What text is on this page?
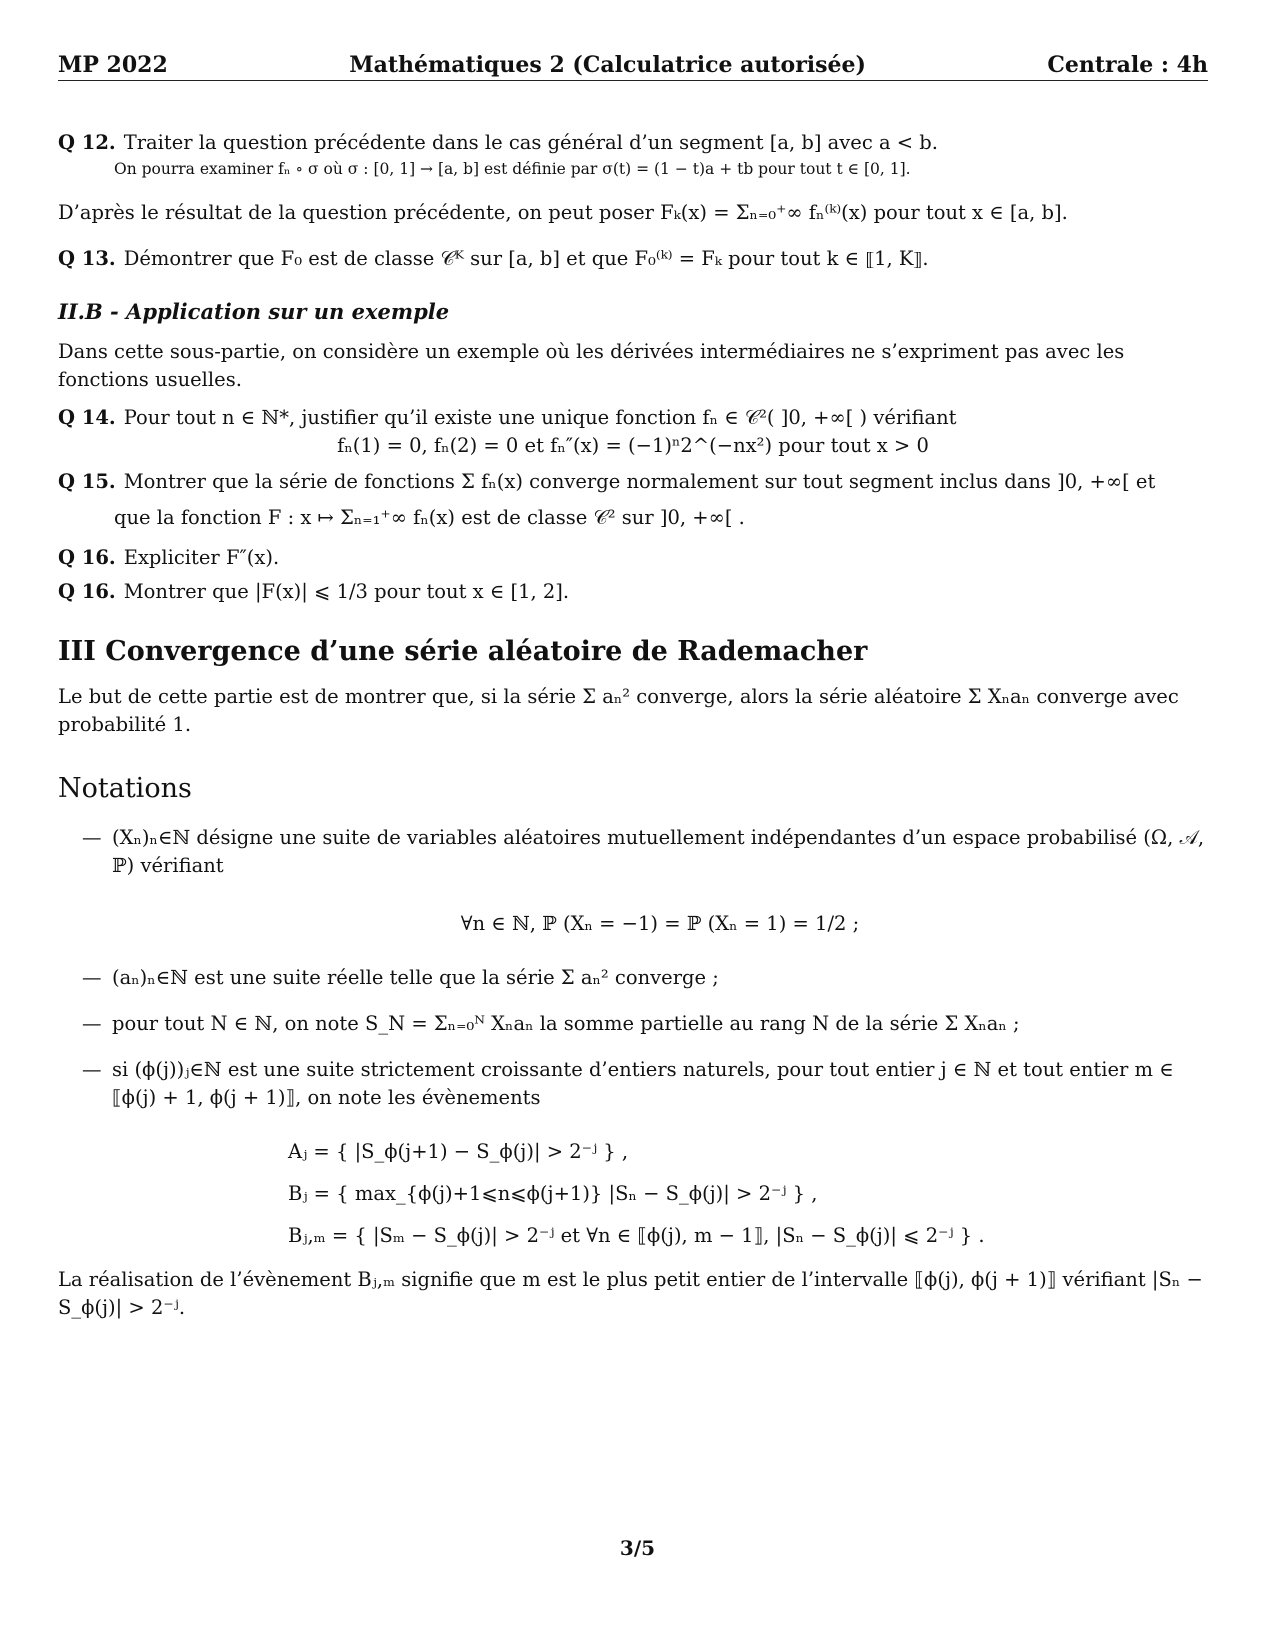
MP 2022	Mathématiques 2 (Calculatrice autorisée)	Centrale : 4h
Q 12. Traiter la question précédente dans le cas général d’un segment [a, b] avec a < b.
On pourra examiner fₙ ∘ σ où σ : [0, 1] → [a, b] est définie par σ(t) = (1 − t)a + tb pour tout t ∈ [0, 1].
D’après le résultat de la question précédente, on peut poser Fₖ(x) = Σₙ₌₀⁺∞ fₙ⁽ᵏ⁾(x) pour tout x ∈ [a, b].
Q 13. Démontrer que F₀ est de classe 𝒞ᴷ sur [a, b] et que F₀⁽ᵏ⁾ = Fₖ pour tout k ∈ ⟦1, K⟧.
II.B - Application sur un exemple
Dans cette sous-partie, on considère un exemple où les dérivées intermédiaires ne s’expriment pas avec les fonctions usuelles.
Q 14. Pour tout n ∈ ℕ*, justifier qu’il existe une unique fonction fₙ ∈ 𝒞²( ]0, +∞[ ) vérifiant
fₙ(1) = 0, fₙ(2) = 0 et fₙ″(x) = (−1)ⁿ2^(−nx²) pour tout x > 0
Q 15. Montrer que la série de fonctions Σ fₙ(x) converge normalement sur tout segment inclus dans ]0, +∞[ et
que la fonction F : x ↦ Σₙ₌₁⁺∞ fₙ(x) est de classe 𝒞² sur ]0, +∞[ .
Q 16. Expliciter F″(x).
Q 16. Montrer que |F(x)| ⩽ 1/3 pour tout x ∈ [1, 2].
III Convergence d’une série aléatoire de Rademacher
Le but de cette partie est de montrer que, si la série Σ aₙ² converge, alors la série aléatoire Σ Xₙaₙ converge avec probabilité 1.
Notations
— (Xₙ)ₙ∈ℕ désigne une suite de variables aléatoires mutuellement indépendantes d’un espace probabilisé (Ω, 𝒜, ℙ) vérifiant
∀n ∈ ℕ, ℙ (Xₙ = −1) = ℙ (Xₙ = 1) = 1/2 ;
— (aₙ)ₙ∈ℕ est une suite réelle telle que la série Σ aₙ² converge ;
— pour tout N ∈ ℕ, on note S_N = Σₙ₌₀ᴺ Xₙaₙ la somme partielle au rang N de la série Σ Xₙaₙ ;
— si (ϕ(j))ⱼ∈ℕ est une suite strictement croissante d’entiers naturels, pour tout entier j ∈ ℕ et tout entier m ∈ ⟦ϕ(j) + 1, ϕ(j + 1)⟧, on note les évènements
Aⱼ = { |S_ϕ(j+1) − S_ϕ(j)| > 2⁻ʲ } ,
Bⱼ = { max_{ϕ(j)+1⩽n⩽ϕ(j+1)} |Sₙ − S_ϕ(j)| > 2⁻ʲ } ,
Bⱼ,ₘ = { |Sₘ − S_ϕ(j)| > 2⁻ʲ et ∀n ∈ ⟦ϕ(j), m − 1⟧, |Sₙ − S_ϕ(j)| ⩽ 2⁻ʲ } .
La réalisation de l’évènement Bⱼ,ₘ signifie que m est le plus petit entier de l’intervalle ⟦ϕ(j), ϕ(j + 1)⟧ vérifiant |Sₙ − S_ϕ(j)| > 2⁻ʲ.
3/5
